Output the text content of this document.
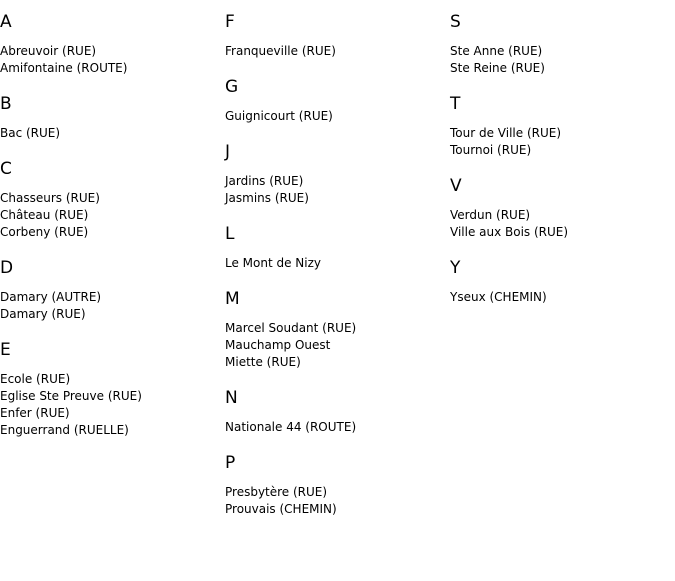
A
Abreuvoir (RUE)
Amifontaine (ROUTE)
B
Bac (RUE)
C
Chasseurs (RUE)
Château (RUE)
Corbeny (RUE)
D
Damary (AUTRE)
Damary (RUE)
E
Ecole (RUE)
Eglise Ste Preuve (RUE)
Enfer (RUE)
Enguerrand (RUELLE)
F
Franqueville (RUE)
G
Guignicourt (RUE)
J
Jardins (RUE)
Jasmins (RUE)
L
Le Mont de Nizy
M
Marcel Soudant (RUE)
Mauchamp Ouest
Miette (RUE)
N
Nationale 44 (ROUTE)
P
Presbytère (RUE)
Prouvais (CHEMIN)
S
Ste Anne (RUE)
Ste Reine (RUE)
T
Tour de Ville (RUE)
Tournoi (RUE)
V
Verdun (RUE)
Ville aux Bois (RUE)
Y
Yseux (CHEMIN)
